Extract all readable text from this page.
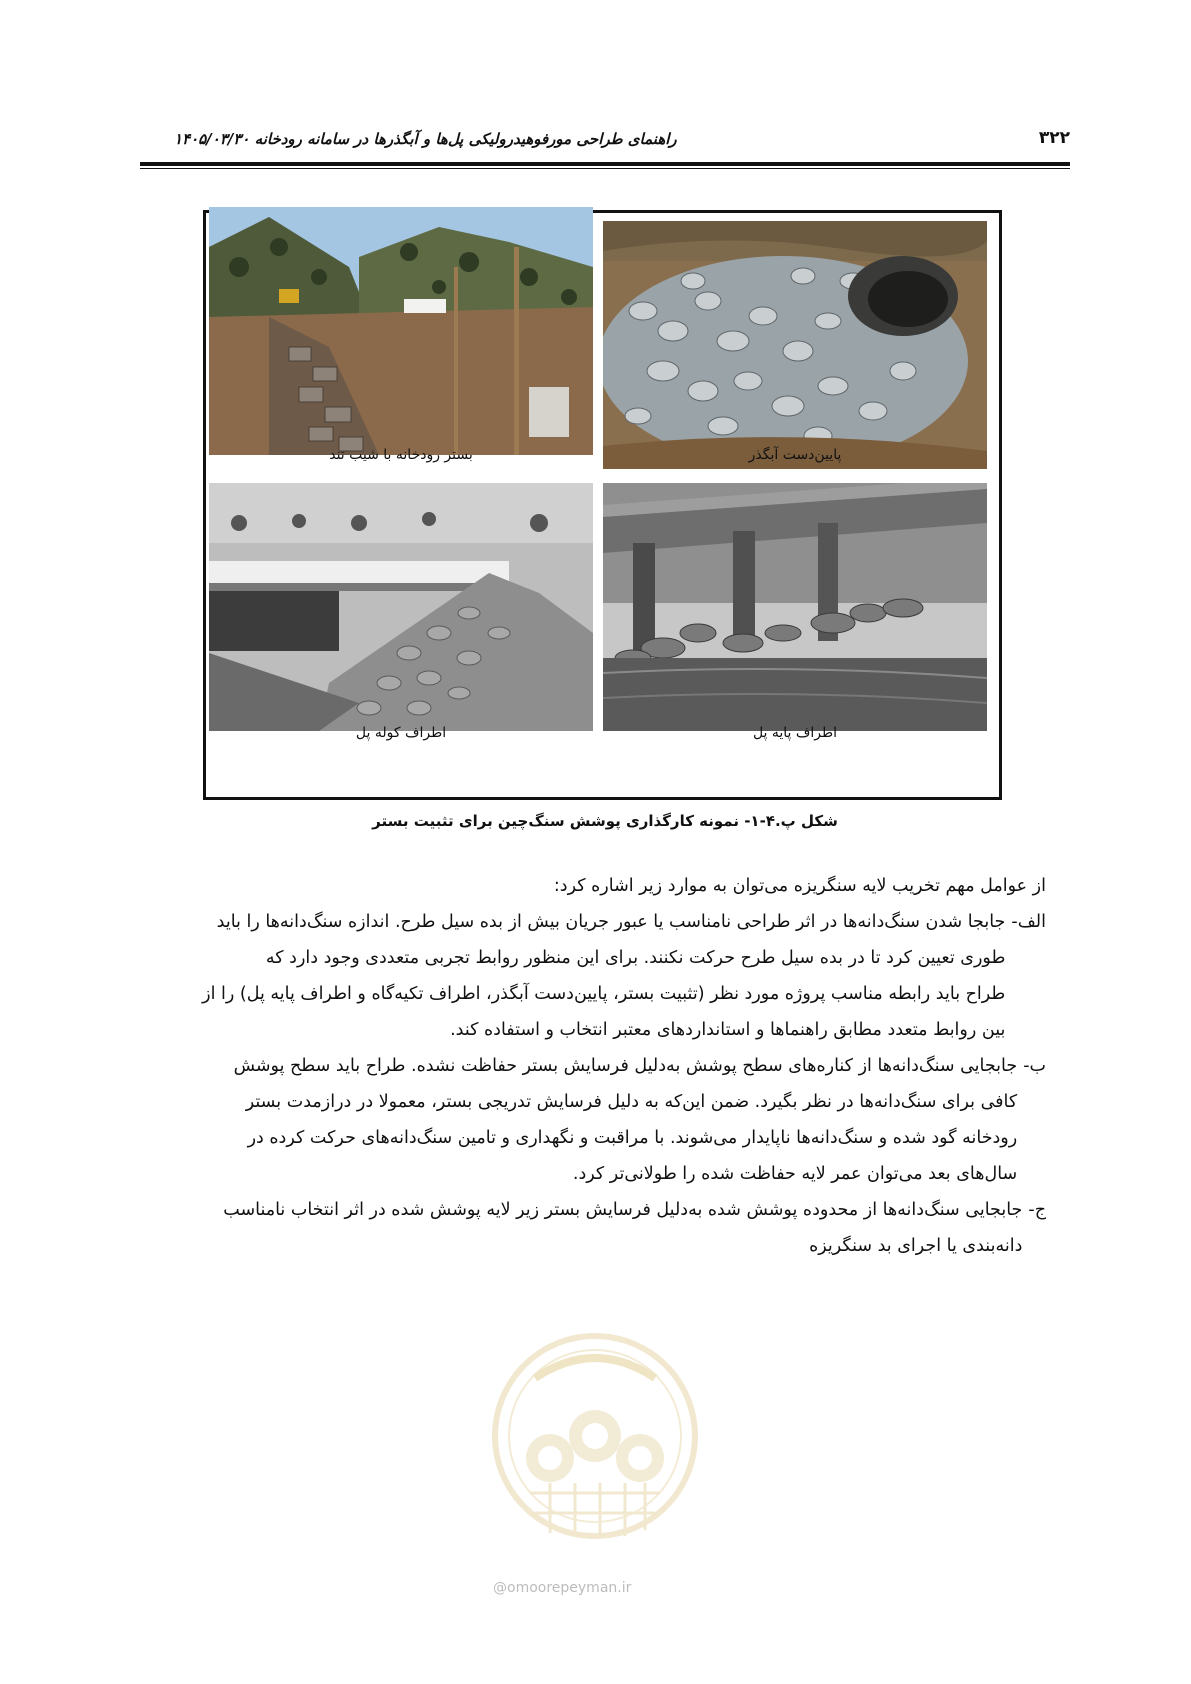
۳۲۲
راهنمای طراحی مورفوهیدرولیکی پل‌ها و آبگذرها در سامانه رودخانه ۱۴۰۵/۰۳/۳۰
پایین‌دست آبگذر
بستر رودخانه با شیب تند
اطراف پایه پل
اطراف کوله پل
شکل پ.۴-۱- نمونه کارگذاری پوشش سنگ‌چین برای تثبیت بستر

از عوامل مهم تخریب لایه سنگریزه می‌توان به موارد زیر اشاره کرد:

الف-
جابجا شدن سنگ‌دانه‌ها در اثر طراحی نامناسب یا عبور جریان بیش از بده سیل طرح. اندازه سنگ‌دانه‌ها را باید
طوری تعیین کرد تا در بده سیل طرح حرکت نکنند. برای این منظور روابط تجربی متعددی وجود دارد که
طراح باید رابطه مناسب پروژه مورد نظر (تثبیت بستر، پایین‌دست آبگذر، اطراف تکیه‌گاه و اطراف پایه پل) را از
بین روابط متعدد مطابق راهنماها و استانداردهای معتبر انتخاب و استفاده کند.
ب-
جابجایی سنگ‌دانه‌ها از کناره‌های سطح پوشش به‌دلیل فرسایش بستر حفاظت نشده. طراح باید سطح پوشش
کافی برای سنگ‌دانه‌ها در نظر بگیرد. ضمن این‌که به دلیل فرسایش تدریجی بستر، معمولا در درازمدت بستر
رودخانه گود شده و سنگ‌دانه‌ها ناپایدار می‌شوند. با مراقبت و نگهداری و تامین سنگ‌دانه‌های حرکت کرده در
سال‌های بعد می‌توان عمر لایه حفاظت شده را طولانی‌تر کرد.
ج-
جابجایی سنگ‌دانه‌ها از محدوده پوشش شده به‌دلیل فرسایش بستر زیر لایه پوشش شده در اثر انتخاب نامناسب
دانه‌بندی یا اجرای بد سنگریزه
@omoorepeyman.ir
